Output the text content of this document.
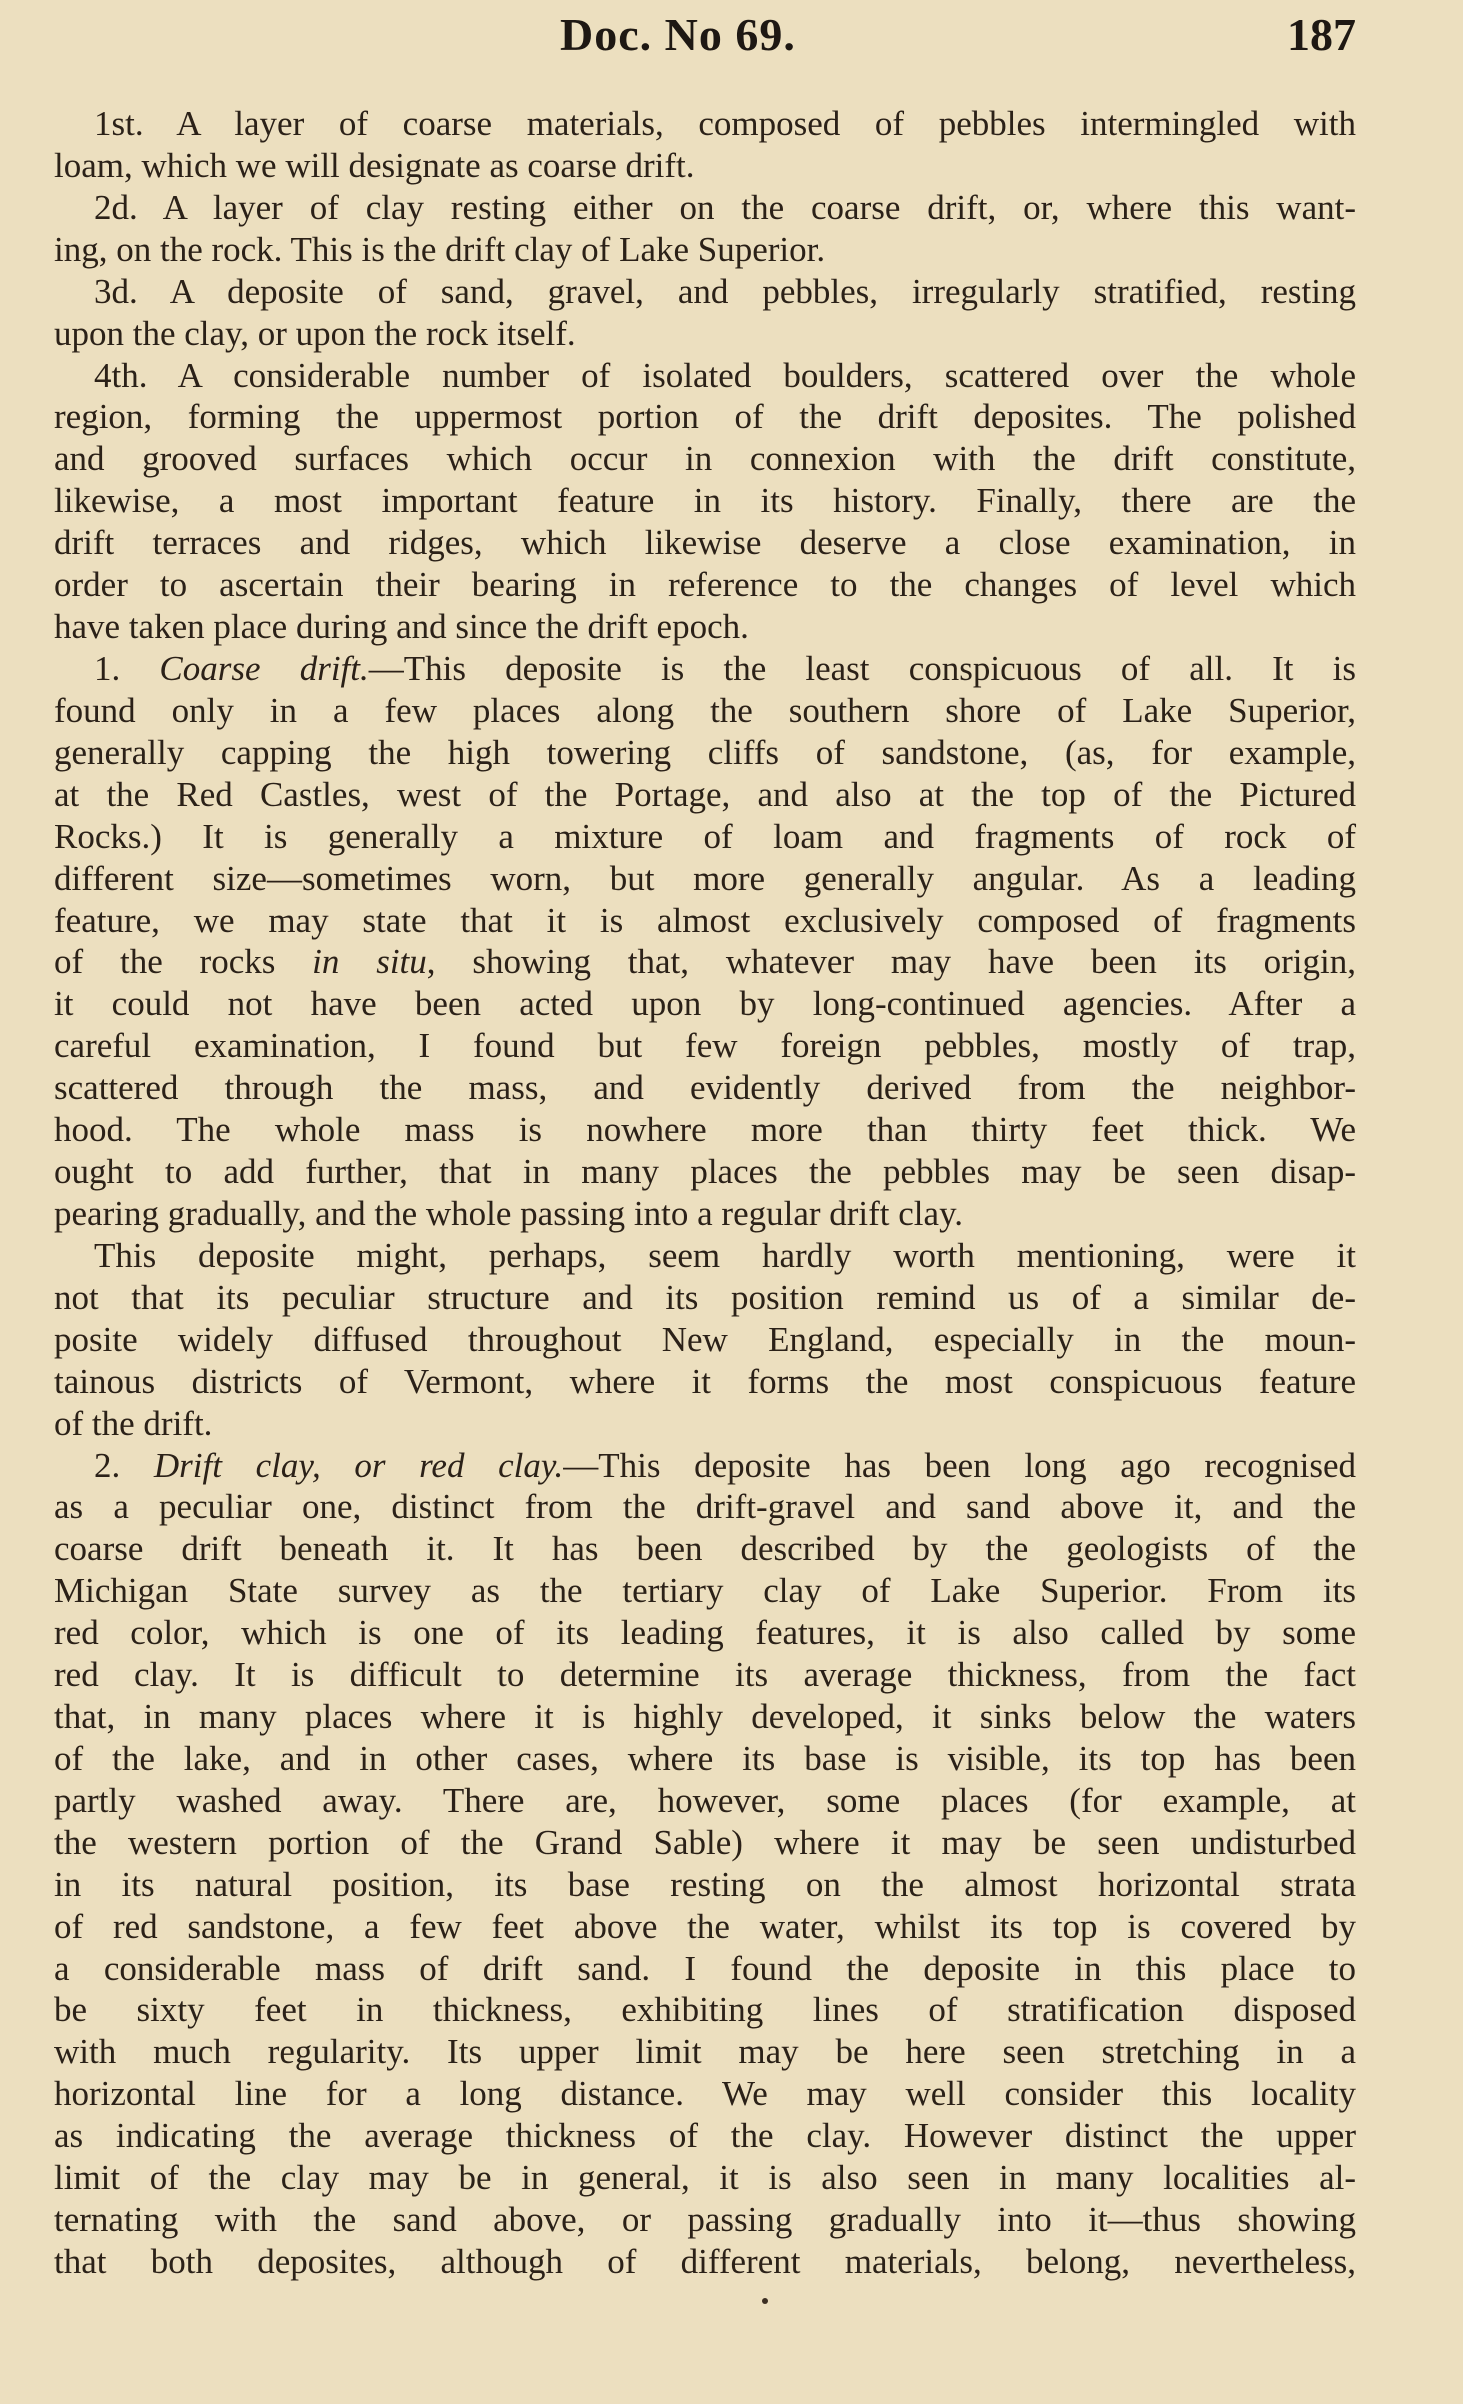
Doc. No 69.	187
1st. A layer of coarse materials, composed of pebbles intermingled with
loam, which we will designate as coarse drift.
2d. A layer of clay resting either on the coarse drift, or, where this want-
ing, on the rock. This is the drift clay of Lake Superior.
3d. A deposite of sand, gravel, and pebbles, irregularly stratified, resting
upon the clay, or upon the rock itself.
4th. A considerable number of isolated boulders, scattered over the whole
region, forming the uppermost portion of the drift deposites. The polished
and grooved surfaces which occur in connexion with the drift constitute,
likewise, a most important feature in its history. Finally, there are the
drift terraces and ridges, which likewise deserve a close examination, in
order to ascertain their bearing in reference to the changes of level which
have taken place during and since the drift epoch.
1. Coarse drift.—This deposite is the least conspicuous of all. It is
found only in a few places along the southern shore of Lake Superior,
generally capping the high towering cliffs of sandstone, (as, for example,
at the Red Castles, west of the Portage, and also at the top of the Pictured
Rocks.) It is generally a mixture of loam and fragments of rock of
different size—sometimes worn, but more generally angular. As a leading
feature, we may state that it is almost exclusively composed of fragments
of the rocks in situ, showing that, whatever may have been its origin,
it could not have been acted upon by long-continued agencies. After a
careful examination, I found but few foreign pebbles, mostly of trap,
scattered through the mass, and evidently derived from the neighbor-
hood. The whole mass is nowhere more than thirty feet thick. We
ought to add further, that in many places the pebbles may be seen disap-
pearing gradually, and the whole passing into a regular drift clay.
This deposite might, perhaps, seem hardly worth mentioning, were it
not that its peculiar structure and its position remind us of a similar de-
posite widely diffused throughout New England, especially in the moun-
tainous districts of Vermont, where it forms the most conspicuous feature
of the drift.
2. Drift clay, or red clay.—This deposite has been long ago recognised
as a peculiar one, distinct from the drift-gravel and sand above it, and the
coarse drift beneath it. It has been described by the geologists of the
Michigan State survey as the tertiary clay of Lake Superior. From its
red color, which is one of its leading features, it is also called by some
red clay. It is difficult to determine its average thickness, from the fact
that, in many places where it is highly developed, it sinks below the waters
of the lake, and in other cases, where its base is visible, its top has been
partly washed away. There are, however, some places (for example, at
the western portion of the Grand Sable) where it may be seen undisturbed
in its natural position, its base resting on the almost horizontal strata
of red sandstone, a few feet above the water, whilst its top is covered by
a considerable mass of drift sand. I found the deposite in this place to
be sixty feet in thickness, exhibiting lines of stratification disposed
with much regularity. Its upper limit may be here seen stretching in a
horizontal line for a long distance. We may well consider this locality
as indicating the average thickness of the clay. However distinct the upper
limit of the clay may be in general, it is also seen in many localities al-
ternating with the sand above, or passing gradually into it—thus showing
that both deposites, although of different materials, belong, nevertheless,
